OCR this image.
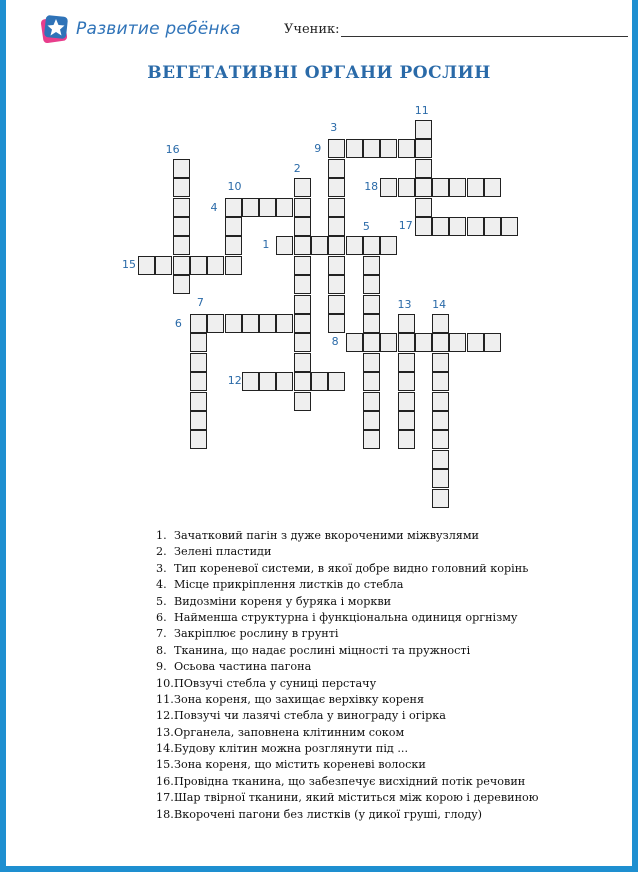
Развитие ребёнка	Ученик:
ВЕГЕТАТИВНІ ОРГАНИ РОСЛИН
1
2
3
4
5
6
7
8
9
10
11
12
13 14
15
16
17
18
1. Зачатковий пагін з дуже вкороченими міжвузлями
2. Зелені пластиди
3. Тип кореневої системи, в якої добре видно головний корінь
4. Місце прикріплення листків до стебла
5. Видозміни кореня у буряка і моркви
6. Найменша структурна і функціональна одиниця оргнізму
7. Закріплює рослину в грунті
8. Тканина, що надає рослині міцності та пружності
9. Осьова частина пагона
10.ПОвзучі стебла у суниці перстачу
11.Зона кореня, що захищає верхівку кореня
12.Повзучі чи лазячі стебла у винограду і огірка
13.Органела, заповнена клітинним соком
14.Будову клітин можна розглянути під ...
15.Зона кореня, що містить кореневі волоски
16.Провідна тканина, що забезпечує висхідний потік речовин
17.Шар твірної тканини, який міститься між корою і деревиною
18.Вкорочені пагони без листків (у дикої груші, глоду)
